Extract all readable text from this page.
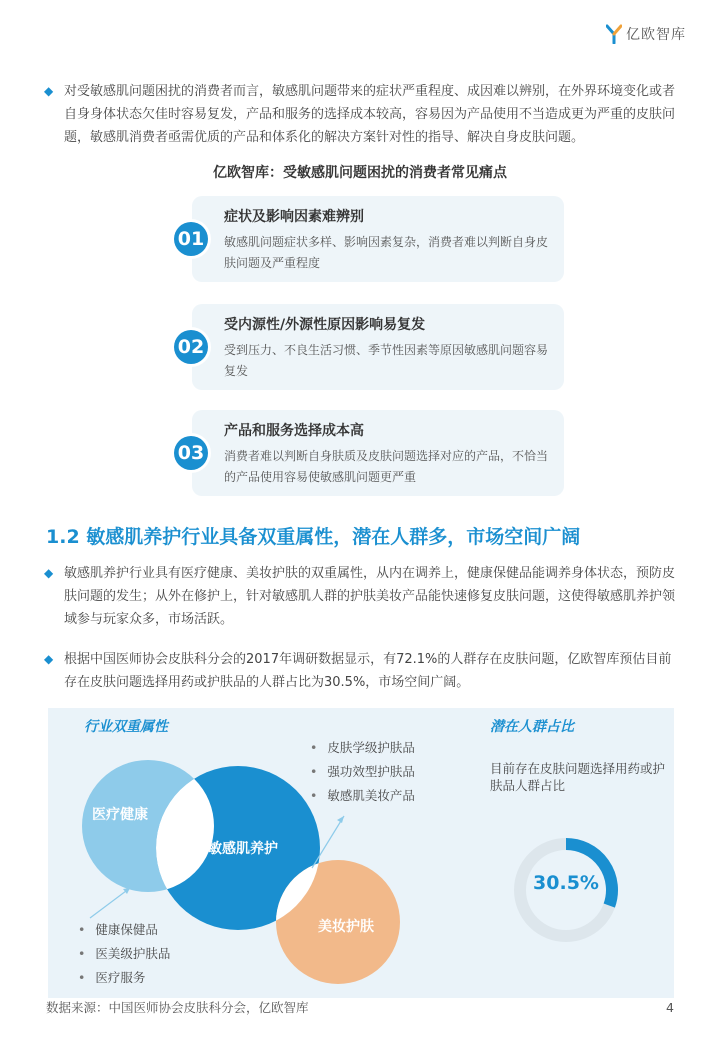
亿欧智库
◆ 对受敏感肌问题困扰的消费者而言，敏感肌问题带来的症状严重程度、成因难以辨别，在外界环境变化或者自身身体状态欠佳时容易复发，产品和服务的选择成本较高，容易因为产品使用不当造成更为严重的皮肤问题，敏感肌消费者亟需优质的产品和体系化的解决方案针对性的指导、解决自身皮肤问题。
亿欧智库：受敏感肌问题困扰的消费者常见痛点
01
症状及影响因素难辨别
敏感肌问题症状多样、影响因素复杂，消费者难以判断自身皮肤问题及严重程度
02
受内源性/外源性原因影响易复发
受到压力、不良生活习惯、季节性因素等原因敏感肌问题容易复发
03
产品和服务选择成本高
消费者难以判断自身肤质及皮肤问题选择对应的产品，不恰当的产品使用容易使敏感肌问题更严重
1.2 敏感肌养护行业具备双重属性，潜在人群多，市场空间广阔
◆ 敏感肌养护行业具有医疗健康、美妆护肤的双重属性，从内在调养上，健康保健品能调养身体状态，预防皮肤问题的发生；从外在修护上，针对敏感肌人群的护肤美妆产品能快速修复皮肤问题，这使得敏感肌养护领域参与玩家众多，市场活跃。
◆ 根据中国医师协会皮肤科分会的2017年调研数据显示，有72.1%的人群存在皮肤问题，亿欧智库预估目前存在皮肤问题选择用药或护肤品的人群占比为30.5%，市场空间广阔。
行业双重属性
医疗健康
敏感肌养护
美妆护肤
• 皮肤学级护肤品
• 强功效型护肤品
• 敏感肌美妆产品
• 健康保健品
• 医美级护肤品
• 医疗服务
潜在人群占比
目前存在皮肤问题选择用药或护肤品人群占比
30.5%
数据来源：中国医师协会皮肤科分会，亿欧智库	4
